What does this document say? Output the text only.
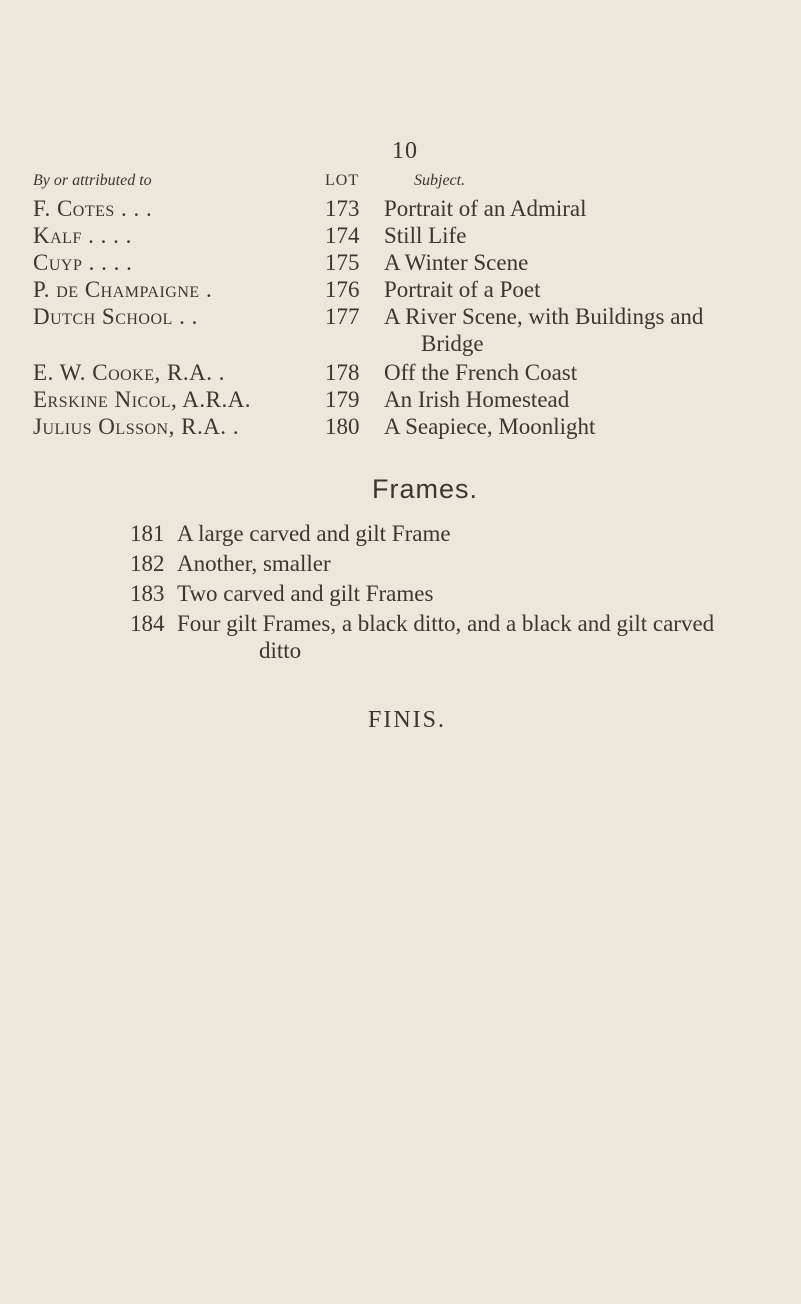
10
By or attributed to	LOT	Subject.
F. Cotes . . .	173	Portrait of an Admiral
Kalf . . . .	174	Still Life
Cuyp . . . .	175	A Winter Scene
P. de Champaigne .	176	Portrait of a Poet
Dutch School . .	177	A River Scene, with Buildings and
Bridge
E. W. Cooke, R.A. .	178	Off the French Coast
Erskine Nicol, A.R.A.	179	An Irish Homestead
Julius Olsson, R.A. .	180	A Seapiece, Moonlight
Frames.
181 A large carved and gilt Frame
182 Another, smaller
183 Two carved and gilt Frames
184 Four gilt Frames, a black ditto, and a black and gilt carved
ditto
FINIS.
